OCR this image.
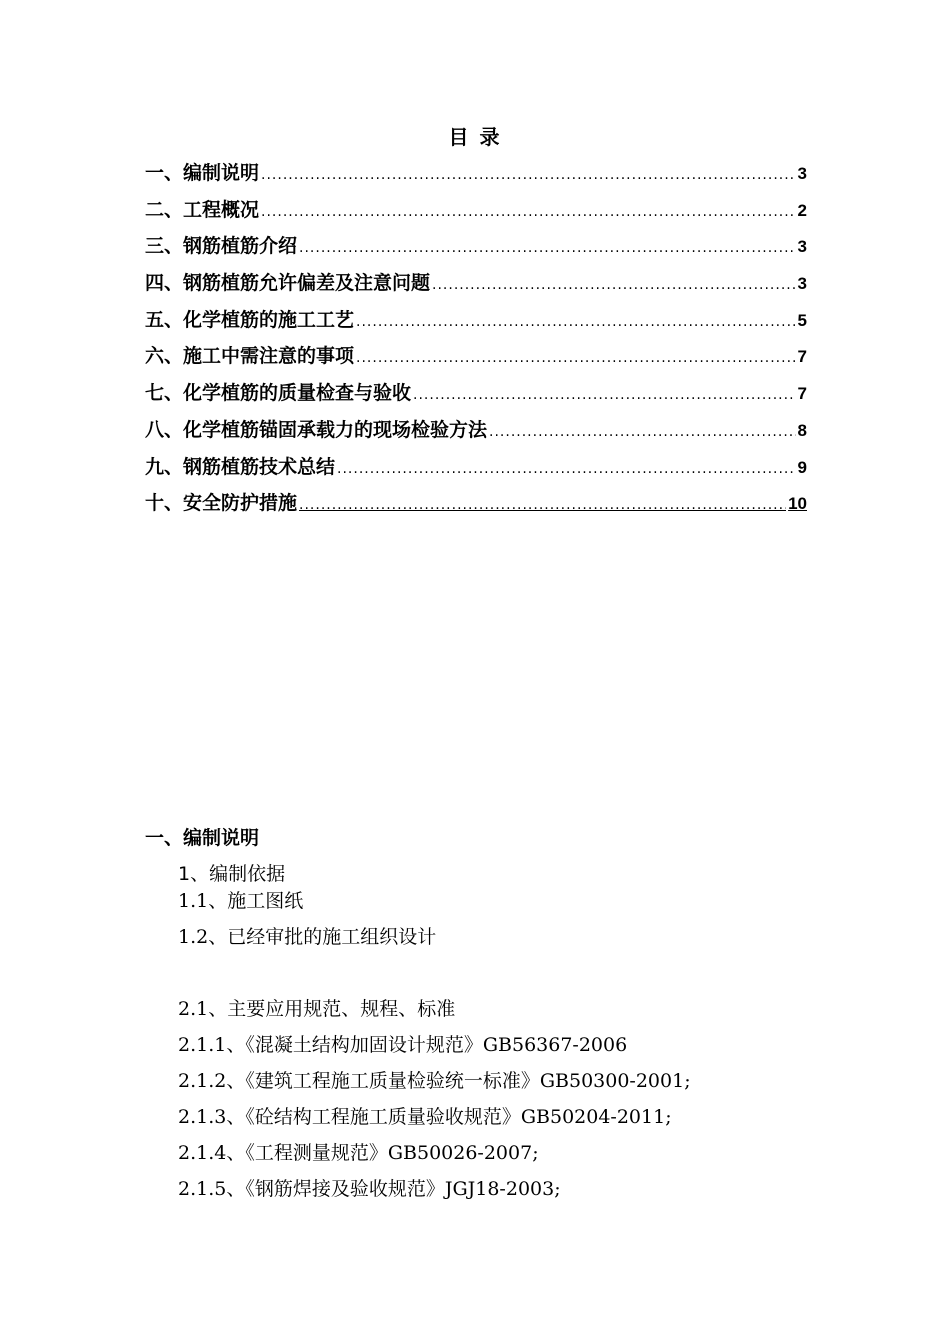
目 录
一、编制说明 .....	3
二、工程概况 .....	2
三、钢筋植筋介绍 .....	3
四、钢筋植筋允许偏差及注意问题 .....	3
五、化学植筋的施工工艺 .....	5
六、施工中需注意的事项 .....	7
七、化学植筋的质量检查与验收 .....	7
八、化学植筋锚固承载力的现场检验方法 .....	8
九、钢筋植筋技术总结 .....	9
十、安全防护措施 .....	10
一、编制说明
1、编制依据
1.1、施工图纸
1.2、已经审批的施工组织设计
2.1、主要应用规范、规程、标准
2.1.1、《混凝土结构加固设计规范》GB56367-2006
2.1.2、《建筑工程施工质量检验统一标准》GB50300-2001;
2.1.3、《砼结构工程施工质量验收规范》GB50204-2011;
2.1.4、《工程测量规范》GB50026-2007;
2.1.5、《钢筋焊接及验收规范》JGJ18-2003;
